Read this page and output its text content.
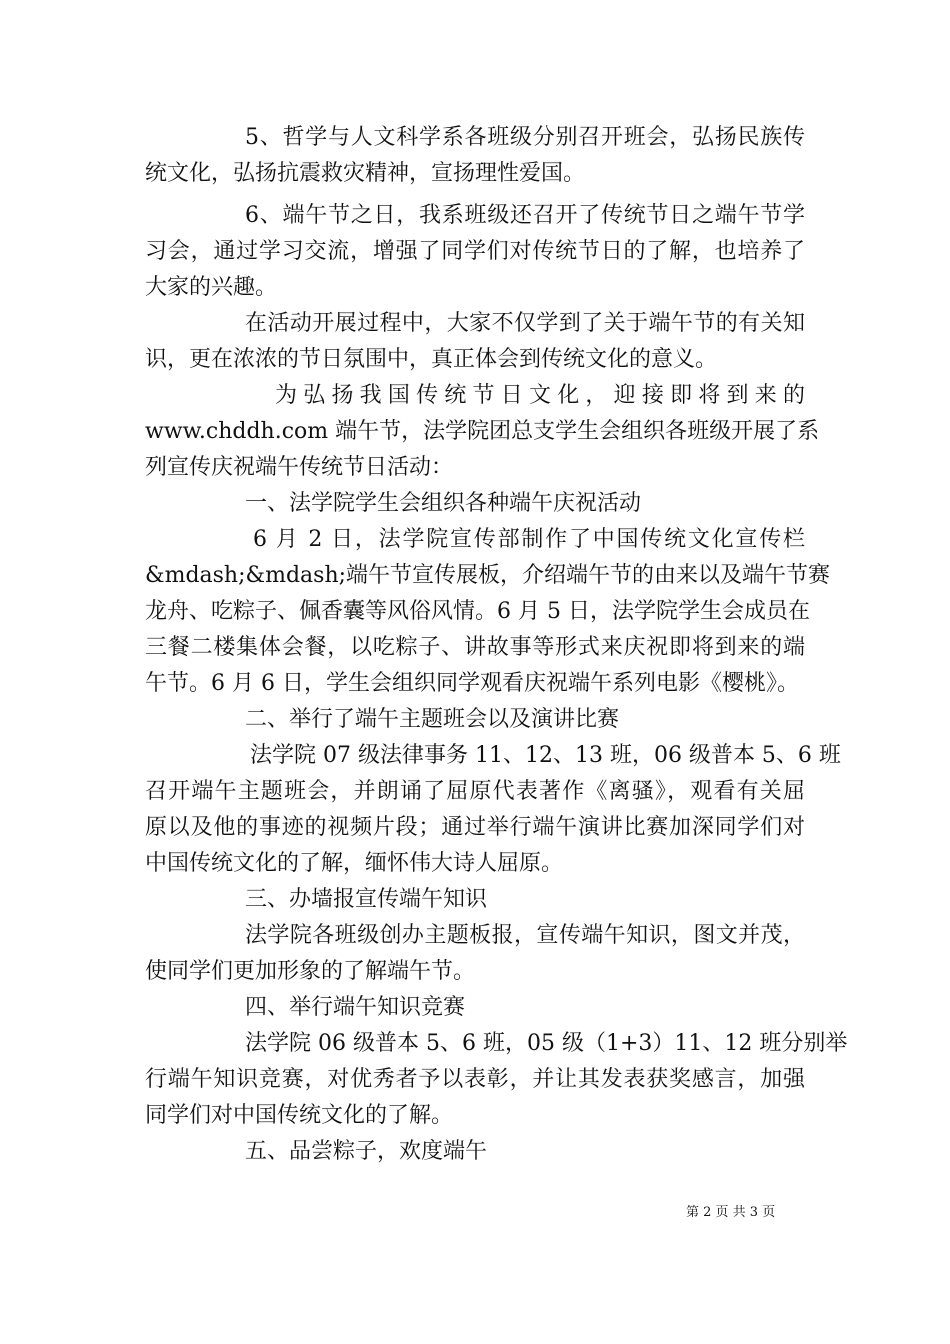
5、哲学与人文科学系各班级分别召开班会，弘扬民族传
统文化，弘扬抗震救灾精神，宣扬理性爱国。
6、端午节之日，我系班级还召开了传统节日之端午节学
习会，通过学习交流，增强了同学们对传统节日的了解，也培养了
大家的兴趣。
在活动开展过程中，大家不仅学到了关于端午节的有关知
识，更在浓浓的节日氛围中，真正体会到传统文化的意义。
为弘扬我国传统节日文化，迎接即将到来的
www.chddh.com 端午节，法学院团总支学生会组织各班级开展了系
列宣传庆祝端午传统节日活动：
一、法学院学生会组织各种端午庆祝活动
6 月 2 日，法学院宣传部制作了中国传统文化宣传栏
&mdash;&mdash;端午节宣传展板，介绍端午节的由来以及端午节赛
龙舟、吃粽子、佩香囊等风俗风情。6 月 5 日，法学院学生会成员在
三餐二楼集体会餐，以吃粽子、讲故事等形式来庆祝即将到来的端
午节。6 月 6 日，学生会组织同学观看庆祝端午系列电影《樱桃》。
二、举行了端午主题班会以及演讲比赛
法学院 07 级法律事务 11、12、13 班，06 级普本 5、6 班
召开端午主题班会，并朗诵了屈原代表著作《离骚》，观看有关屈
原以及他的事迹的视频片段；通过举行端午演讲比赛加深同学们对
中国传统文化的了解，缅怀伟大诗人屈原。
三、办墙报宣传端午知识
法学院各班级创办主题板报，宣传端午知识，图文并茂，
使同学们更加形象的了解端午节。
四、举行端午知识竞赛
法学院 06 级普本 5、6 班，05 级（1+3）11、12 班分别举
行端午知识竞赛，对优秀者予以表彰，并让其发表获奖感言，加强
同学们对中国传统文化的了解。
五、品尝粽子，欢度端午
第 2 页 共 3 页
